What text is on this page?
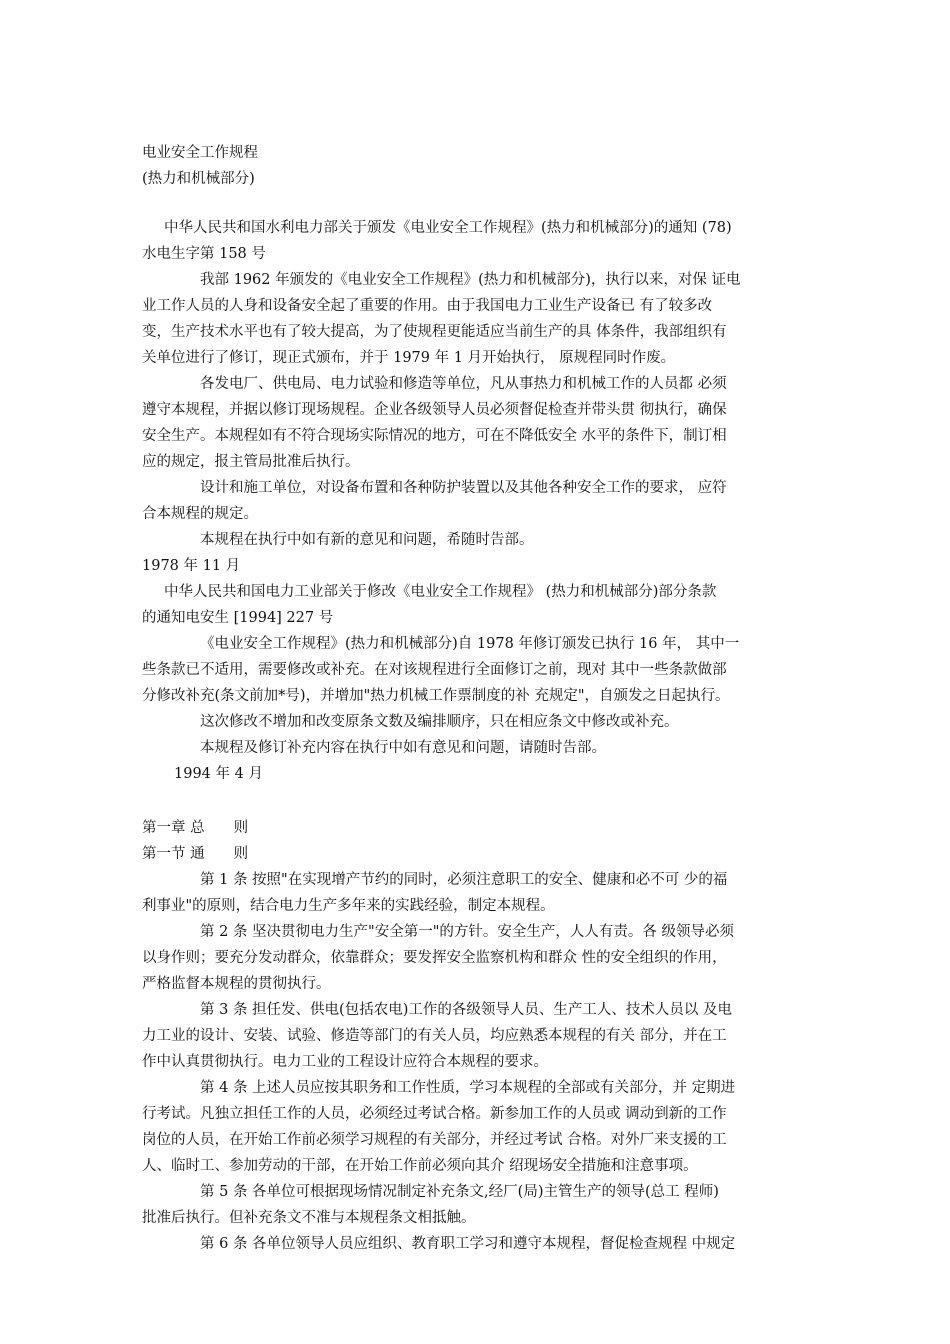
电业安全工作规程
(热力和机械部分)
中华人民共和国水利电力部关于颁发《电业安全工作规程》(热力和机械部分)的通知 (78)
水电生字第 158 号
我部 1962 年颁发的《电业安全工作规程》(热力和机械部分)，执行以来，对保 证电
业工作人员的人身和设备安全起了重要的作用。由于我国电力工业生产设备已 有了较多改
变，生产技术水平也有了较大提高，为了使规程更能适应当前生产的具 体条件，我部组织有
关单位进行了修订，现正式颁布，并于 1979 年 1 月开始执行， 原规程同时作废。
各发电厂、供电局、电力试验和修造等单位，凡从事热力和机械工作的人员都 必须
遵守本规程，并据以修订现场规程。企业各级领导人员必须督促检查并带头贯 彻执行，确保
安全生产。本规程如有不符合现场实际情况的地方，可在不降低安全 水平的条件下，制订相
应的规定，报主管局批准后执行。
设计和施工单位，对设备布置和各种防护装置以及其他各种安全工作的要求， 应符
合本规程的规定。
本规程在执行中如有新的意见和问题，希随时告部。
1978 年 11 月
中华人民共和国电力工业部关于修改《电业安全工作规程》 (热力和机械部分)部分条款
的通知电安生 [1994] 227 号
《电业安全工作规程》(热力和机械部分)自 1978 年修订颁发已执行 16 年， 其中一
些条款已不适用，需要修改或补充。在对该规程进行全面修订之前，现对 其中一些条款做部
分修改补充(条文前加*号)，并增加"热力机械工作票制度的补 充规定"，自颁发之日起执行。
这次修改不增加和改变原条文数及编排顺序，只在相应条文中修改或补充。
本规程及修订补充内容在执行中如有意见和问题，请随时告部。
1994 年 4 月
第一章 总　　则
第一节 通　　则
第 1 条 按照"在实现增产节约的同时，必须注意职工的安全、健康和必不可 少的福
利事业"的原则，结合电力生产多年来的实践经验，制定本规程。
第 2 条 坚决贯彻电力生产"安全第一"的方针。安全生产，人人有责。各 级领导必须
以身作则；要充分发动群众，依靠群众；要发挥安全监察机构和群众 性的安全组织的作用，
严格监督本规程的贯彻执行。
第 3 条 担任发、供电(包括农电)工作的各级领导人员、生产工人、技术人员以 及电
力工业的设计、安装、试验、修造等部门的有关人员，均应熟悉本规程的有关 部分，并在工
作中认真贯彻执行。电力工业的工程设计应符合本规程的要求。
第 4 条 上述人员应按其职务和工作性质，学习本规程的全部或有关部分，并 定期进
行考试。凡独立担任工作的人员，必须经过考试合格。新参加工作的人员或 调动到新的工作
岗位的人员，在开始工作前必须学习规程的有关部分，并经过考试 合格。对外厂来支援的工
人、临时工、参加劳动的干部，在开始工作前必须向其介 绍现场安全措施和注意事项。
第 5 条 各单位可根据现场情况制定补充条文,经厂(局)主管生产的领导(总工 程师)
批准后执行。但补充条文不准与本规程条文相抵触。
第 6 条 各单位领导人员应组织、教育职工学习和遵守本规程，督促检查规程 中规定
